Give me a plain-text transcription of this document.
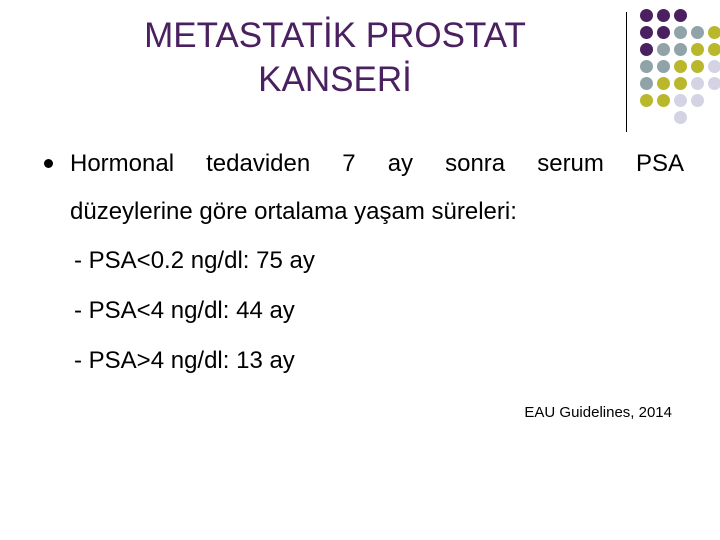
METASTATİK PROSTAT
KANSERİ
Hormonal tedaviden 7 ay sonra serum PSA
düzeylerine göre ortalama yaşam süreleri:
- PSA<0.2 ng/dl: 75 ay
- PSA<4 ng/dl: 44 ay
- PSA>4 ng/dl: 13 ay
EAU Guidelines, 2014
